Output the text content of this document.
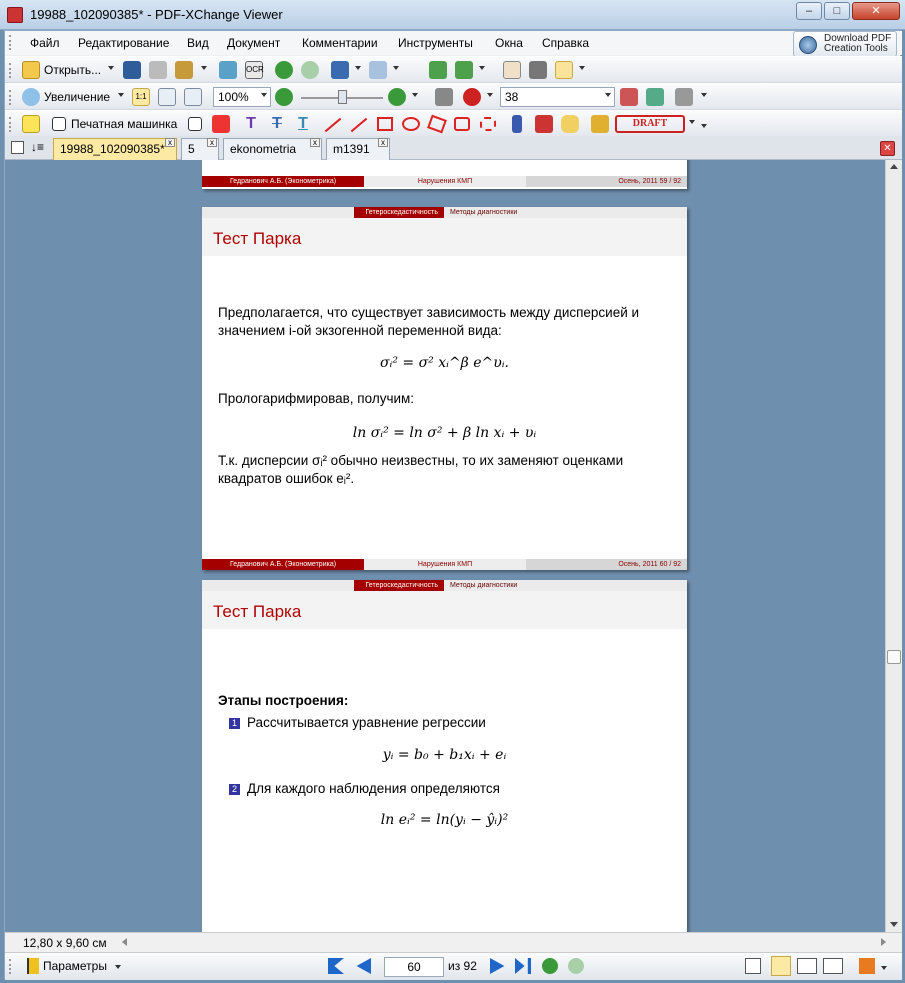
19988_102090385* - PDF-XChange Viewer	–	□	✕
Файл Редактирование Вид Документ Комментарии Инструменты Окна Справка	Download PDF
Creation Tools
Открыть...	OCR
Увеличение	1:1	100%	38
Печатная машинка	T T T	DRAFT
↓≡	19988_102090385* x	5	x	ekonometria	x	m1391	x
✕
Гедранович А.Б. (Эконометрика)	Нарушения КМП	Осень, 2011 59 / 92
Гетероскедастичность	Методы диагностики
Тест Парка
Предполагается, что существует зависимость между дисперсией и
значением i-ой экзогенной переменной вида:
σᵢ² = σ² xᵢ^β e^υᵢ.
Прологарифмировав, получим:
ln σᵢ² = ln σ² + β ln xᵢ + υᵢ
Т.к. дисперсии σᵢ² обычно неизвестны, то их заменяют оценками
квадратов ошибок eᵢ².
Гедранович А.Б. (Эконометрика)	Нарушения КМП	Осень, 2011 60 / 92
Гетероскедастичность	Методы диагностики
Тест Парка
Этапы построения:
1 Рассчитывается уравнение регрессии
yᵢ = b₀ + b₁xᵢ + eᵢ
2 Для каждого наблюдения определяются
ln eᵢ² = ln(yᵢ − ŷᵢ)²
12,80 x 9,60 см
Параметры	60	из 92
